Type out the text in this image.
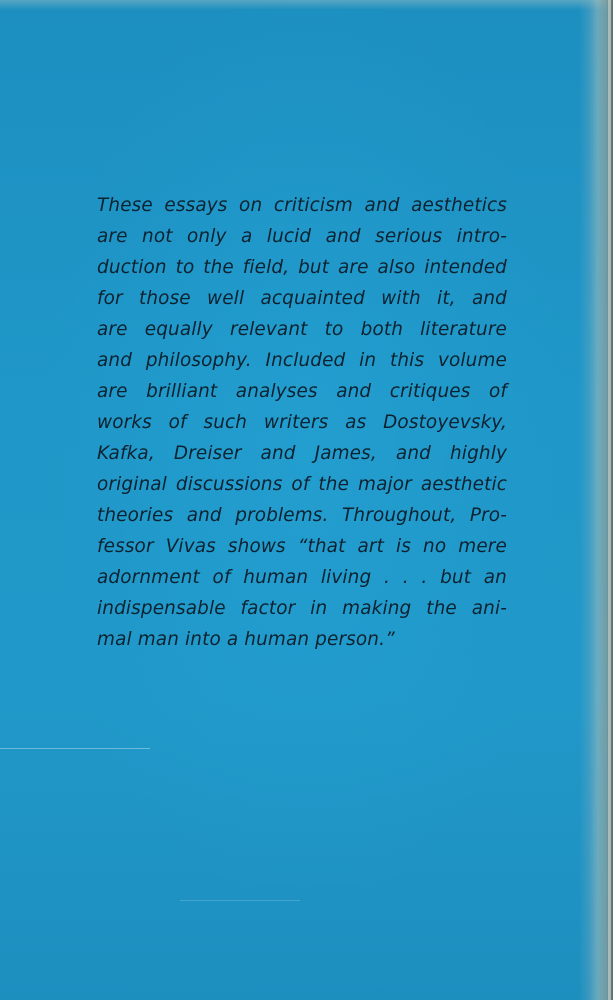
These essays on criticism and aesthetics
are not only a lucid and serious intro-
duction to the field, but are also intended
for those well acquainted with it, and
are equally relevant to both literature
and philosophy. Included in this volume
are brilliant analyses and critiques of
works of such writers as Dostoyevsky,
Kafka, Dreiser and James, and highly
original discussions of the major aesthetic
theories and problems. Throughout, Pro-
fessor Vivas shows “that art is no mere
adornment of human living . . . but an
indispensable factor in making the ani-
mal man into a human person.”
